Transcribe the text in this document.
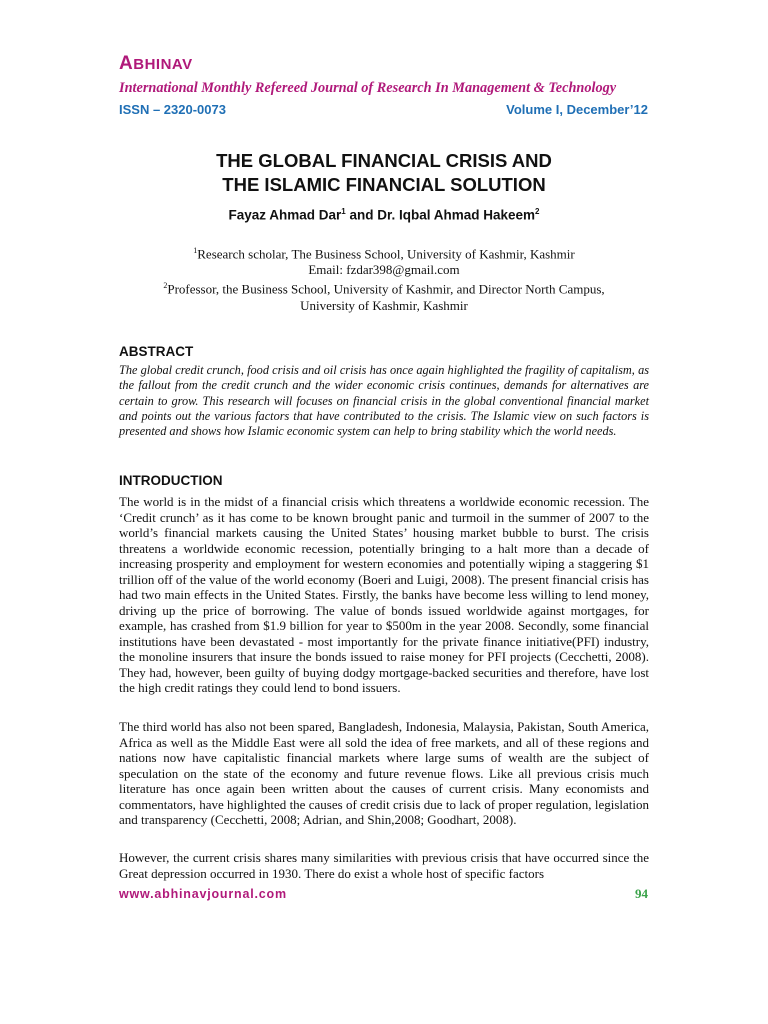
ABHINAV
International Monthly Refereed Journal of Research In Management & Technology
ISSN – 2320-0073	Volume I, December’12
THE GLOBAL FINANCIAL CRISIS AND
THE ISLAMIC FINANCIAL SOLUTION
Fayaz Ahmad Dar$^1$ and Dr. Iqbal Ahmad Hakeem$^2$
$^1$Research scholar, The Business School, University of Kashmir, Kashmir
Email: fzdar398@gmail.com
$^2$Professor, the Business School, University of Kashmir, and Director North Campus,
University of Kashmir, Kashmir
ABSTRACT
The global credit crunch, food crisis and oil crisis has once again highlighted the fragility of capitalism, as the fallout from the credit crunch and the wider economic crisis continues, demands for alternatives are certain to grow. This research will focuses on financial crisis in the global conventional financial market and points out the various factors that have contributed to the crisis. The Islamic view on such factors is presented and shows how Islamic economic system can help to bring stability which the world needs.
INTRODUCTION
The world is in the midst of a financial crisis which threatens a worldwide economic recession. The ‘Credit crunch’ as it has come to be known brought panic and turmoil in the summer of 2007 to the world’s financial markets causing the United States’ housing market bubble to burst. The crisis threatens a worldwide economic recession, potentially bringing to a halt more than a decade of increasing prosperity and employment for western economies and potentially wiping a staggering $1 trillion off of the value of the world economy (Boeri and Luigi, 2008). The present financial crisis has had two main effects in the United States. Firstly, the banks have become less willing to lend money, driving up the price of borrowing. The value of bonds issued worldwide against mortgages, for example, has crashed from $1.9 billion for year to $500m in the year 2008. Secondly, some financial institutions have been devastated - most importantly for the private finance initiative(PFI) industry, the monoline insurers that insure the bonds issued to raise money for PFI projects (Cecchetti, 2008). They had, however, been guilty of buying dodgy mortgage-backed securities and therefore, have lost the high credit ratings they could lend to bond issuers.
The third world has also not been spared, Bangladesh, Indonesia, Malaysia, Pakistan, South America, Africa as well as the Middle East were all sold the idea of free markets, and all of these regions and nations now have capitalistic financial markets where large sums of wealth are the subject of speculation on the state of the economy and future revenue flows. Like all previous crisis much literature has once again been written about the causes of current crisis. Many economists and commentators, have highlighted the causes of credit crisis due to lack of proper regulation, legislation and transparency (Cecchetti, 2008; Adrian, and Shin,2008; Goodhart, 2008).
However, the current crisis shares many similarities with previous crisis that have occurred since the Great depression occurred in 1930. There do exist a whole host of specific factors
www.abhinavjournal.com	94
